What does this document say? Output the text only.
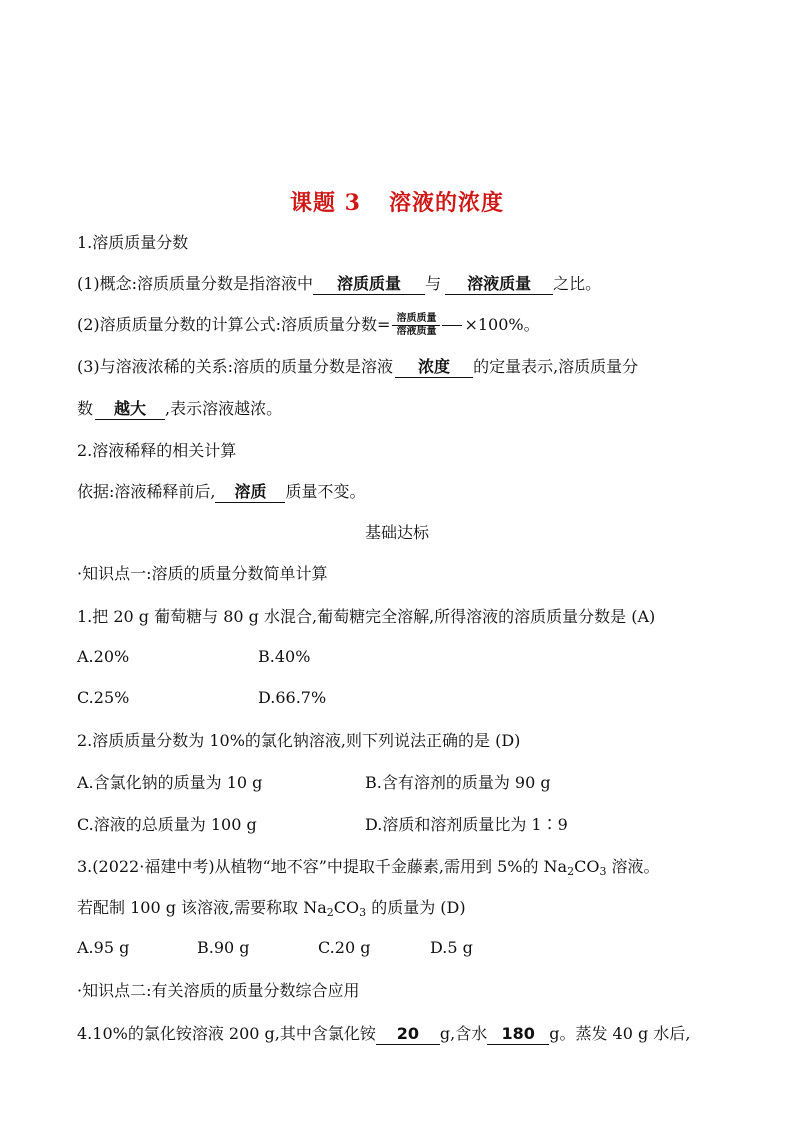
课题 3 溶液的浓度
1.溶质质量分数
(1)概念:溶质质量分数是指溶液中 溶质质量 与 溶液质量 之比。
(2)溶质质量分数的计算公式:溶质质量分数= $\frac{\text{溶质质量}}{\text{溶液质量}} \times 100\%$。
(3)与溶液浓稀的关系:溶质的质量分数是溶液 浓度 的定量表示,溶质质量分
数 越大 ,表示溶液越浓。
2.溶液稀释的相关计算
依据:溶液稀释前后, 溶质 质量不变。
基础达标
·知识点一:溶质的质量分数简单计算
1.把 20 g 葡萄糖与 80 g 水混合,葡萄糖完全溶解,所得溶液的溶质质量分数是 (A)
A.20%	B.40%
C.25%	D.66.7%
2.溶质质量分数为 10%的氯化钠溶液,则下列说法正确的是 (D)
A.含氯化钠的质量为 10 g	B.含有溶剂的质量为 90 g
C.溶液的总质量为 100 g	D.溶质和溶剂质量比为 1∶9
3.(2022·福建中考)从植物“地不容”中提取千金藤素,需用到 5%的 $Na_2CO_3$ 溶液。
若配制 100 g 该溶液,需要称取 $Na_2CO_3$ 的质量为 (D)
A.95 g	B.90 g	C.20 g	D.5 g
·知识点二:有关溶质的质量分数综合应用
4.10%的氯化铵溶液 200 g,其中含氯化铵 20 g,含水 180 g。蒸发 40 g 水后,
